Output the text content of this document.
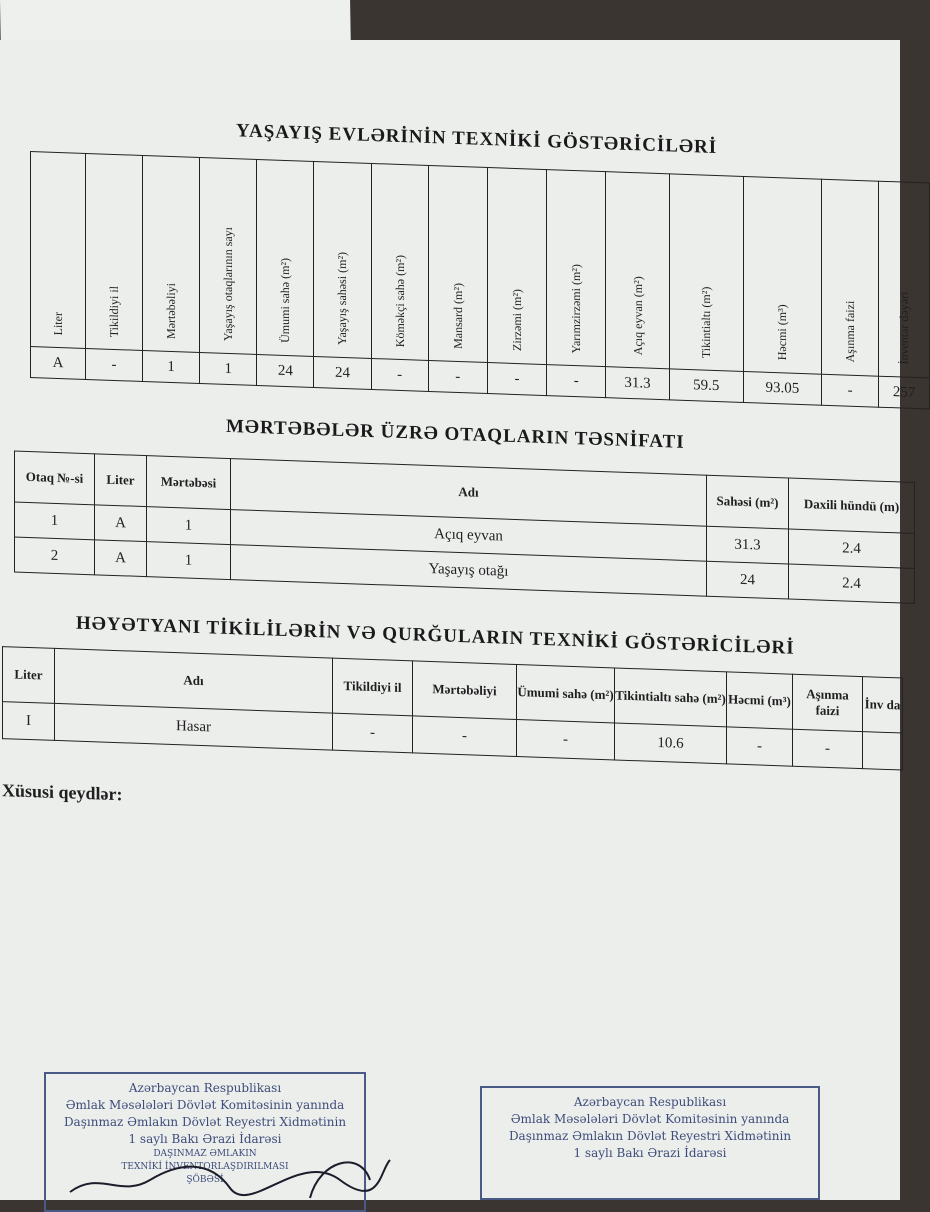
YAŞAYIŞ EVLƏRİNİN TEXNİKİ GÖSTƏRİCİLƏRİ
Liter	Tikildiyi il	Mərtəbəliyi	Yaşayış otaqlarının sayı	Ümumi sahə (m²)	Yaşayış sahəsi (m²)	Köməkçi sahə (m²)	Mansard (m²)	Zirzəmi (m²)	Yarımzirzəmi (m²)	Açıq eyvan (m²)	Tikintialtı (m²)	Həcmi (m³)	Aşınma faizi	İnventar dəyəri
A	-	1	1	24	24	-	-	-	-	31.3	59.5	93.05	-	257
MƏRTƏBƏLƏR ÜZRƏ OTAQLARIN TƏSNİFATI
Otaq №-si	Liter	Mərtəbəsi	Adı	Sahəsi (m²)	Daxili hündü (m)
1	A	1	Açıq eyvan	31.3	2.4
2	A	1	Yaşayış otağı	24	2.4
HƏYƏTYANI TİKİLİLƏRİN VƏ QURĞULARIN TEXNİKİ GÖSTƏRİCİLƏRİ
Liter	Adı	Tikildiyi il	Mərtəbəliyi	Ümumi sahə (m²)	Tikintialtı sahə (m²)	Həcmi (m³)	Aşınma faizi	İnv da
I	Hasar	-	-	-	10.6	-	-	
Xüsusi qeydlər:
Azərbaycan Respublikası
Əmlak Məsələləri Dövlət Komitəsinin yanında
Daşınmaz Əmlakın Dövlət Reyestri Xidmətinin
1 saylı Bakı Ərazi İdarəsi
DAŞINMAZ ƏMLAKIN
TEXNİKİ İNVENTORLAŞDIRILMASI
ŞÖBƏSİ
Azərbaycan Respublikası
Əmlak Məsələləri Dövlət Komitəsinin yanında
Daşınmaz Əmlakın Dövlət Reyestri Xidmətinin
1 saylı Bakı Ərazi İdarəsi
